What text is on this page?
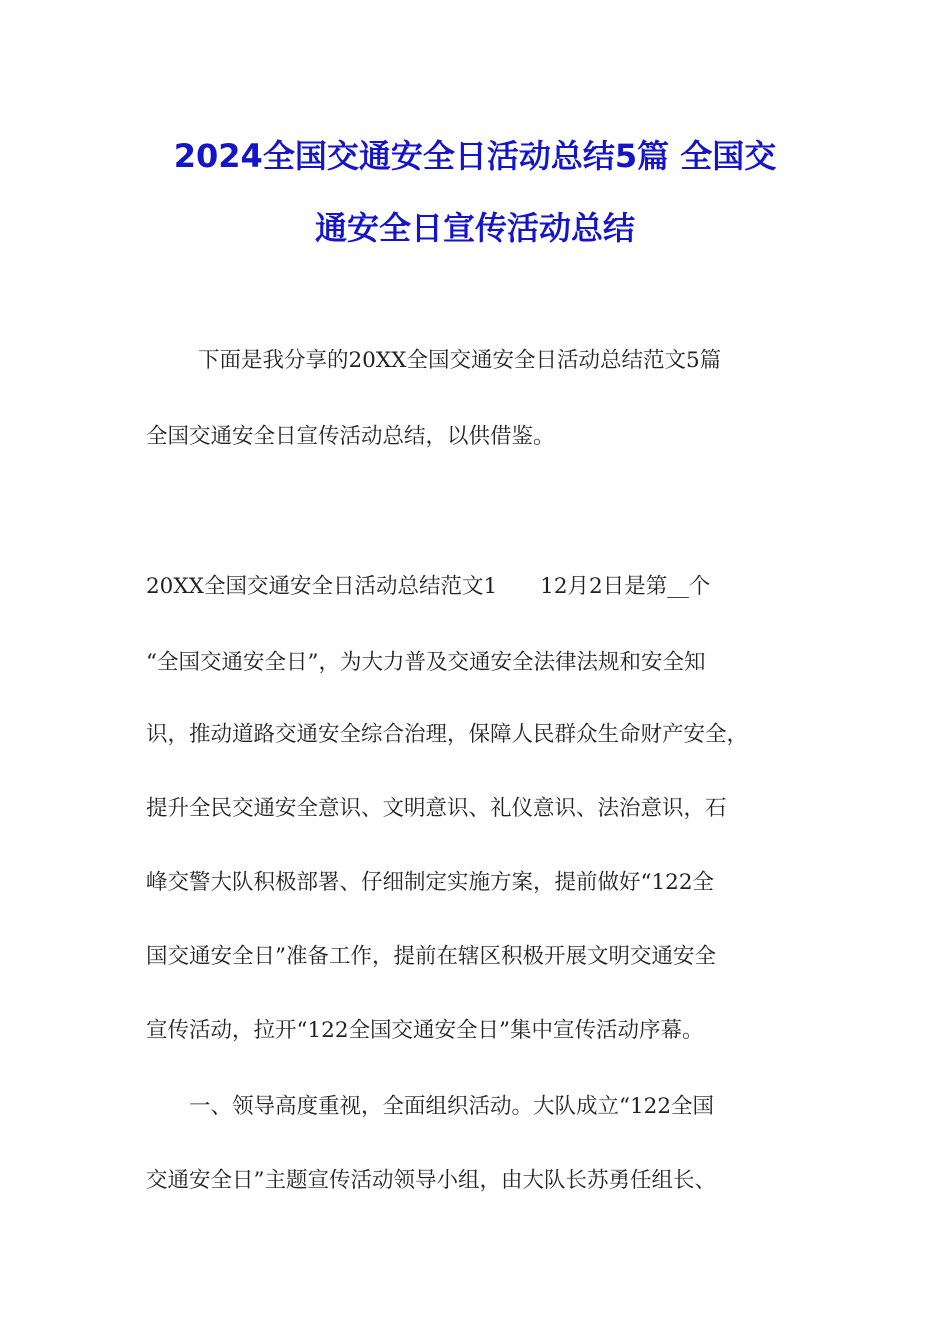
2024全国交通安全日活动总结5篇 全国交
通安全日宣传活动总结
下面是我分享的20XX全国交通安全日活动总结范文5篇
全国交通安全日宣传活动总结，以供借鉴。
20XX全国交通安全日活动总结范文1　　12月2日是第__个
“全国交通安全日”，为大力普及交通安全法律法规和安全知
识，推动道路交通安全综合治理，保障人民群众生命财产安全，
提升全民交通安全意识、文明意识、礼仪意识、法治意识，石
峰交警大队积极部署、仔细制定实施方案，提前做好“122全
国交通安全日”准备工作，提前在辖区积极开展文明交通安全
宣传活动，拉开“122全国交通安全日”集中宣传活动序幕。
　　一、领导高度重视，全面组织活动。大队成立“122全国
交通安全日”主题宣传活动领导小组，由大队长苏勇任组长、
